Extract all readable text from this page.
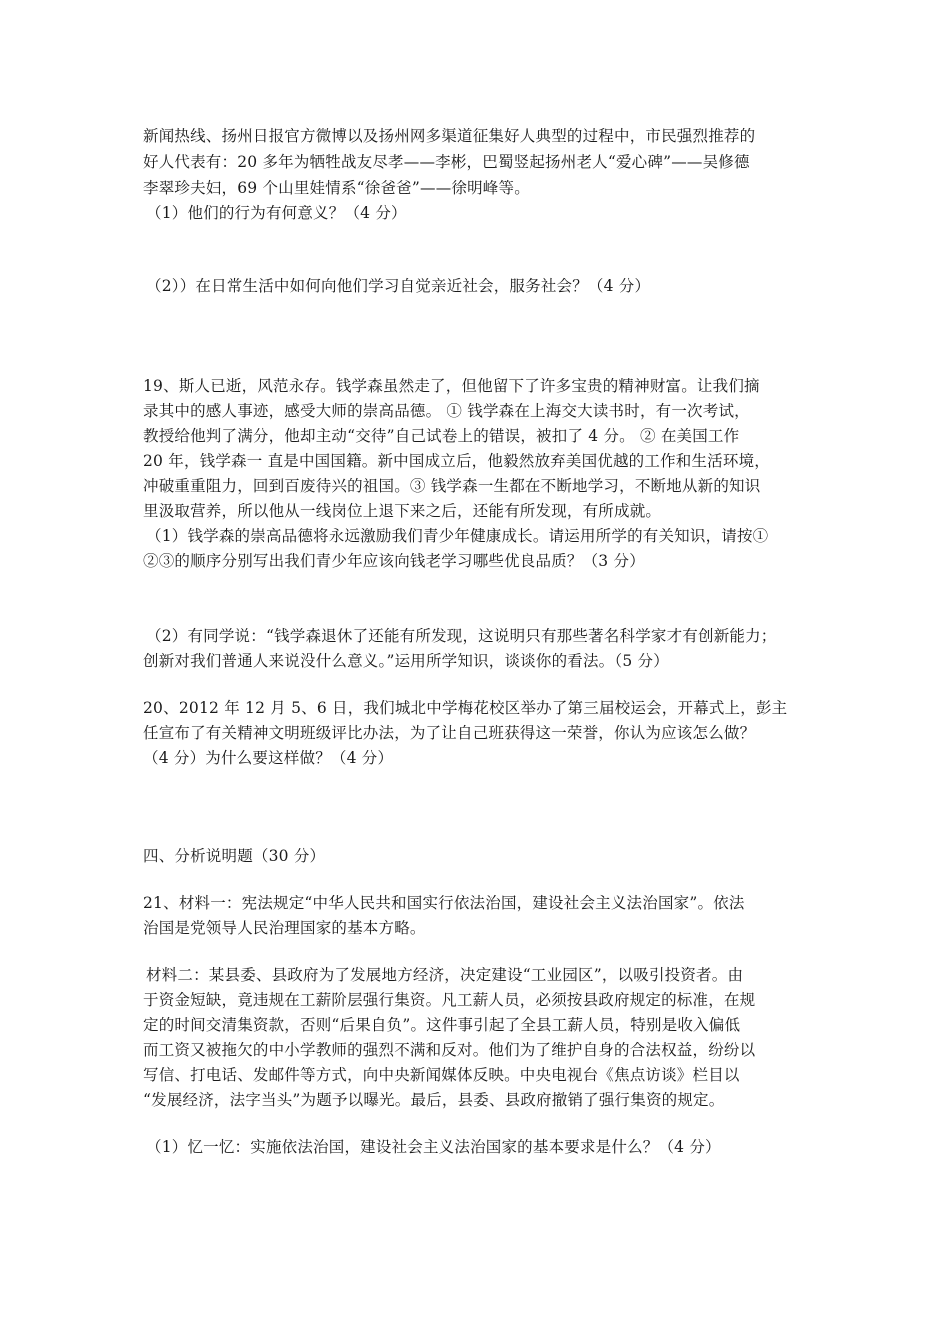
新闻热线、扬州日报官方微博以及扬州网多渠道征集好人典型的过程中，市民强烈推荐的
好人代表有：20 多年为牺牲战友尽孝——李彬，巴蜀竖起扬州老人“爱心碑”——吴修德
李翠珍夫妇，69 个山里娃情系“徐爸爸”——徐明峰等。
（1）他们的行为有何意义？（4 分）
（2））在日常生活中如何向他们学习自觉亲近社会，服务社会？（4 分）
19、斯人已逝，风范永存。钱学森虽然走了，但他留下了许多宝贵的精神财富。让我们摘
录其中的感人事迹，感受大师的崇高品德。 ① 钱学森在上海交大读书时，有一次考试，
教授给他判了满分，他却主动“交待”自己试卷上的错误，被扣了 4 分。 ② 在美国工作
20 年，钱学森一 直是中国国籍。新中国成立后，他毅然放弃美国优越的工作和生活环境，
冲破重重阻力，回到百废待兴的祖国。③ 钱学森一生都在不断地学习，不断地从新的知识
里汲取营养，所以他从一线岗位上退下来之后，还能有所发现，有所成就。
（1）钱学森的崇高品德将永远激励我们青少年健康成长。请运用所学的有关知识，请按①
②③的顺序分别写出我们青少年应该向钱老学习哪些优良品质？（3 分）
（2）有同学说：“钱学森退休了还能有所发现，这说明只有那些著名科学家才有创新能力；
创新对我们普通人来说没什么意义。”运用所学知识，谈谈你的看法。（5 分）
20、2012 年 12 月 5、6 日，我们城北中学梅花校区举办了第三届校运会，开幕式上，彭主
任宣布了有关精神文明班级评比办法，为了让自己班获得这一荣誉，你认为应该怎么做？
（4 分）为什么要这样做？（4 分）
四、分析说明题（30 分）
21、材料一：宪法规定“中华人民共和国实行依法治国，建设社会主义法治国家”。依法
治国是党领导人民治理国家的基本方略。
材料二：某县委、县政府为了发展地方经济，决定建设“工业园区”，以吸引投资者。由
于资金短缺，竟违规在工薪阶层强行集资。凡工薪人员，必须按县政府规定的标准，在规
定的时间交清集资款，否则“后果自负”。这件事引起了全县工薪人员，特别是收入偏低
而工资又被拖欠的中小学教师的强烈不满和反对。他们为了维护自身的合法权益，纷纷以
写信、打电话、发邮件等方式，向中央新闻媒体反映。中央电视台《焦点访谈》栏目以
“发展经济，法字当头”为题予以曝光。最后，县委、县政府撤销了强行集资的规定。
（1）忆一忆：实施依法治国，建设社会主义法治国家的基本要求是什么？（4 分）
